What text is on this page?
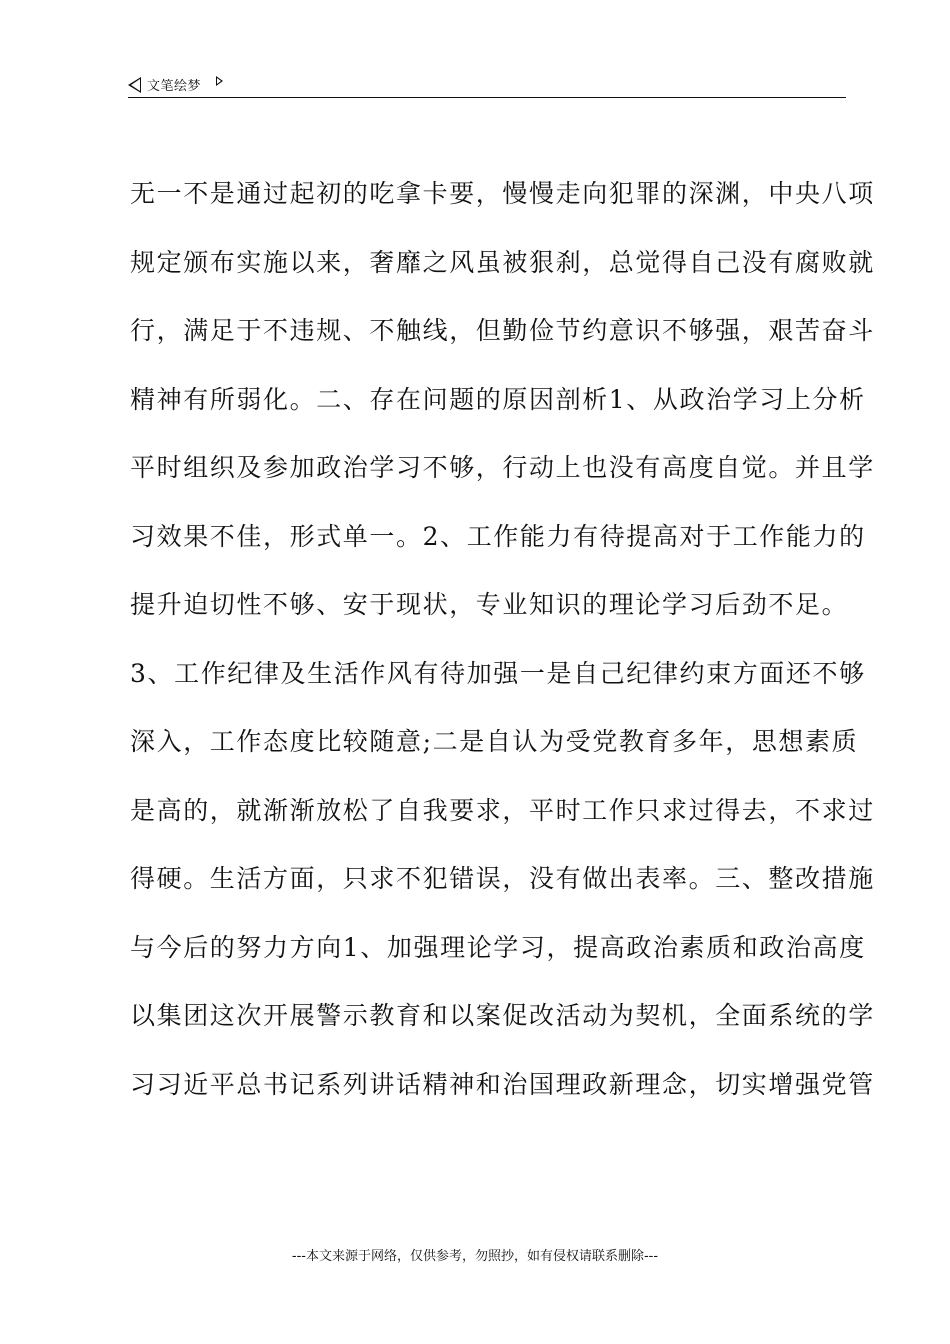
文笔绘梦
无一不是通过起初的吃拿卡要，慢慢走向犯罪的深渊，中央八项
规定颁布实施以来，奢靡之风虽被狠刹，总觉得自己没有腐败就
行，满足于不违规、不触线，但勤俭节约意识不够强，艰苦奋斗
精神有所弱化。二、存在问题的原因剖析1、从政治学习上分析
平时组织及参加政治学习不够，行动上也没有高度自觉。并且学
习效果不佳，形式单一。2、工作能力有待提高对于工作能力的
提升迫切性不够、安于现状，专业知识的理论学习后劲不足。
3、工作纪律及生活作风有待加强一是自己纪律约束方面还不够
深入，工作态度比较随意;二是自认为受党教育多年，思想素质
是高的，就渐渐放松了自我要求，平时工作只求过得去，不求过
得硬。生活方面，只求不犯错误，没有做出表率。三、整改措施
与今后的努力方向1、加强理论学习，提高政治素质和政治高度
以集团这次开展警示教育和以案促改活动为契机，全面系统的学
习习近平总书记系列讲话精神和治国理政新理念，切实增强党管
---本文来源于网络，仅供参考，勿照抄，如有侵权请联系删除---
